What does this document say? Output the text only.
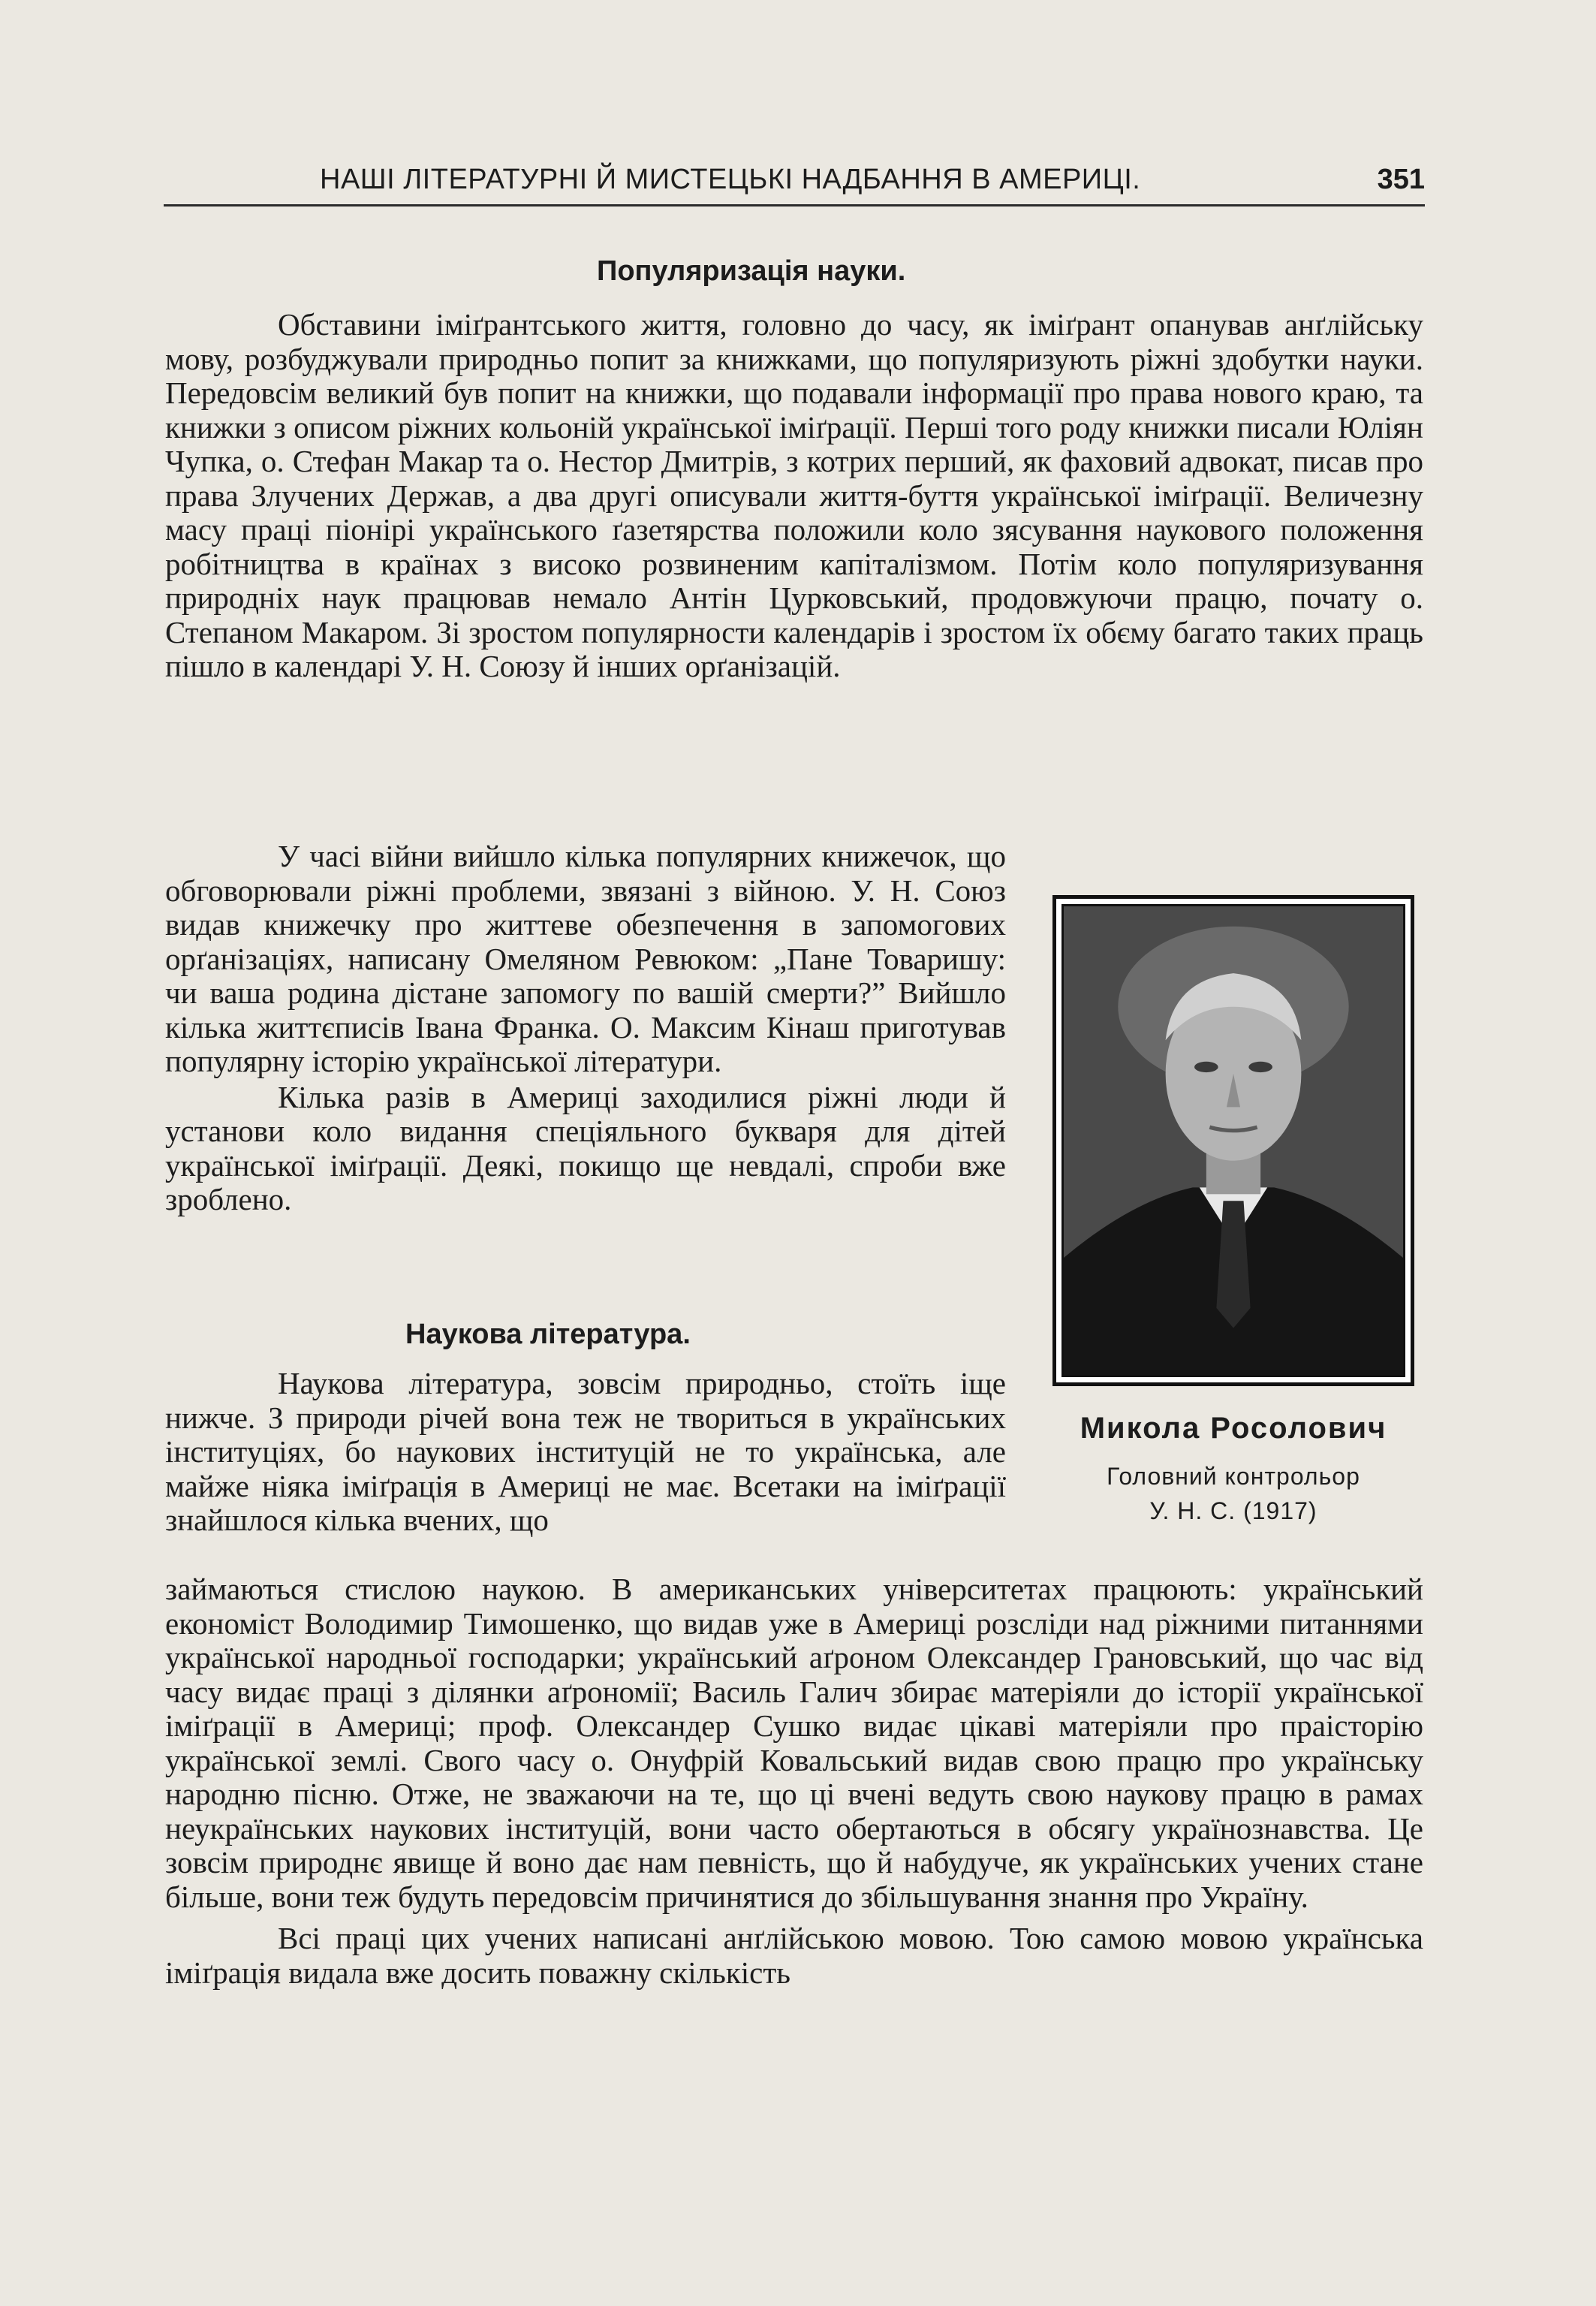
НАШІ ЛІТЕРАТУРНІ Й МИСТЕЦЬКІ НАДБАННЯ В АМЕРИЦІ.	351
Популяризація науки.

Обставини іміґрантського життя, головно до часу, як іміґрант опанував анґлійську мову, розбуджували природньо попит за книжками, що популяризують ріжні здобутки науки. Передовсім великий був попит на книжки, що подавали інформації про права нового краю, та книжки з описом ріжних кольоній української іміґрації. Перші того роду книжки писали Юліян Чупка, о. Стефан Макар та о. Нестор Дмитрів, з котрих перший, як фаховий адвокат, писав про права Злучених Держав, а два другі описували життя-буття української іміґрації. Величезну масу праці піонірі українського ґазетярства положили коло зясування наукового положення робітництва в країнах з високо розвиненим капіталізмом. Потім коло популяризування природніх наук працював немало Антін Цурковський, продовжуючи працю, почату о. Степаном Макаром. Зі зростом популярности календарів і зростом їх обєму багато таких праць пішло в календарі У. Н. Союзу й інших орґанізацій.

У часі війни вийшло кілька популярних книжечок, що обговорювали ріжні проблеми, звязані з війною. У. Н. Союз видав книжечку про життеве обезпечення в запомогових орґанізаціях, написану Омеляном Ревюком: „Пане Товаришу: чи ваша родина дістане запомогу по вашій смерти?” Вийшло кілька життєписів Івана Франка. О. Максим Кінаш приготував популярну історію української літератури.

Кілька разів в Америці заходилися ріжні люди й установи коло видання спеціяльного букваря для дітей української іміґрації. Деякі, покищо ще невдалі, спроби вже зроблено.

Наукова література.

Наукова література, зовсім природньо, стоїть іще нижче. З природи річей вона теж не твориться в українських інституціях, бо наукових інституцій не то українська, але майже ніяка іміґрація в Америці не має. Всетаки на іміґрації знайшлося кілька вчених, що

займаються стислою наукою. В американських університетах працюють: український економіст Володимир Тимошенко, що видав уже в Америці розсліди над ріжними питаннями української народньої господарки; український аґроном Олександер Грановський, що час від часу видає праці з ділянки аґрономії; Василь Галич збирає матеріяли до історії української іміґрації в Америці; проф. Олександер Сушко видає цікаві матеріяли про праісторію української землі. Свого часу о. Онуфрій Ковальський видав свою працю про українську народню пісню. Отже, не зважаючи на те, що ці вчені ведуть свою наукову працю в рамах неукраїнських наукових інституцій, вони часто обертаються в обсягу українознавства. Це зовсім природнє явище й воно дає нам певність, що й набудуче, як українських учених стане більше, вони теж будуть передовсім причинятися до збільшування знання про Україну.

Всі праці цих учених написані анґлійською мовою. Тою самою мовою українська іміґрація видала вже досить поважну скількість

Микола Росолович
Головний контрольор
У. Н. С. (1917)
